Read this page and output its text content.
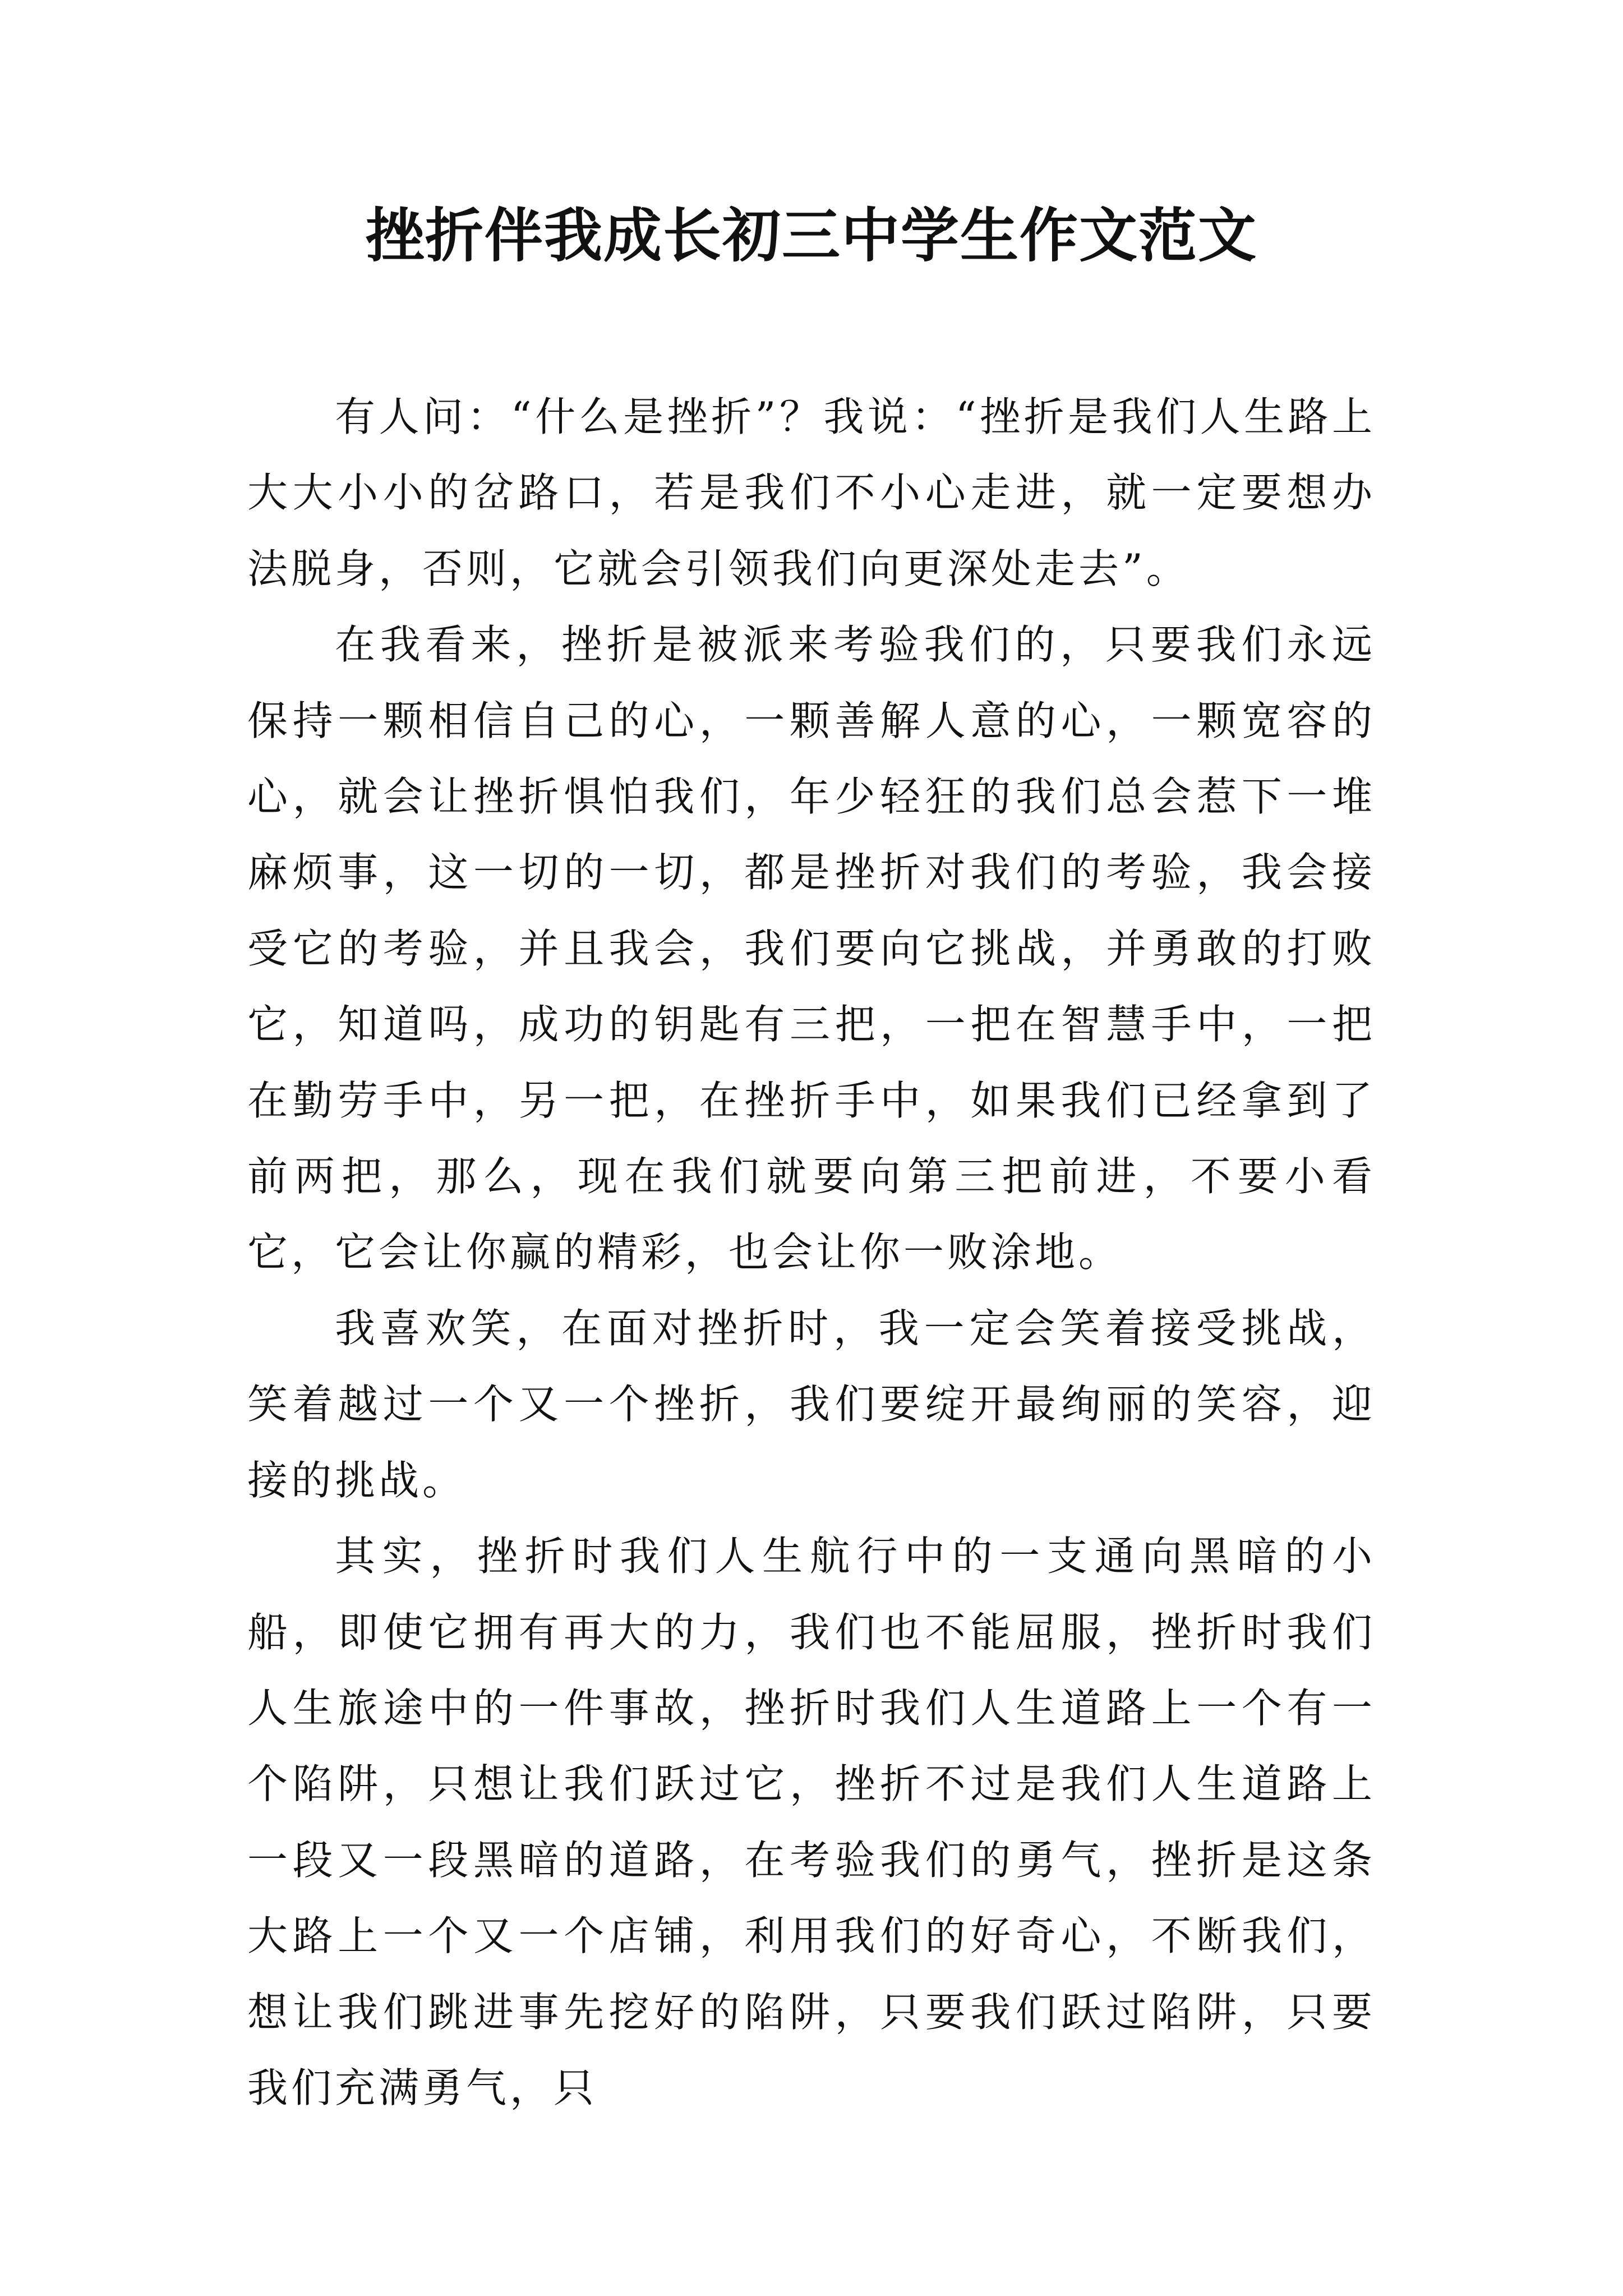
挫折伴我成长初三中学生作文范文

有人问：“什么是挫折”？我说：“挫折是我们人生路上大大小小的岔路口，若是我们不小心走进，就一定要想办法脱身，否则，它就会引领我们向更深处走去”。

在我看来，挫折是被派来考验我们的，只要我们永远保持一颗相信自己的心，一颗善解人意的心，一颗宽容的心，就会让挫折惧怕我们，年少轻狂的我们总会惹下一堆麻烦事，这一切的一切，都是挫折对我们的考验，我会接受它的考验，并且我会，我们要向它挑战，并勇敢的打败它，知道吗，成功的钥匙有三把，一把在智慧手中，一把在勤劳手中，另一把，在挫折手中，如果我们已经拿到了前两把，那么，现在我们就要向第三把前进，不要小看它，它会让你赢的精彩，也会让你一败涂地。

我喜欢笑，在面对挫折时，我一定会笑着接受挑战，笑着越过一个又一个挫折，我们要绽开最绚丽的笑容，迎接的挑战。

其实，挫折时我们人生航行中的一支通向黑暗的小船，即使它拥有再大的力，我们也不能屈服，挫折时我们人生旅途中的一件事故，挫折时我们人生道路上一个有一个陷阱，只想让我们跃过它，挫折不过是我们人生道路上一段又一段黑暗的道路，在考验我们的勇气，挫折是这条大路上一个又一个店铺，利用我们的好奇心，不断我们，想让我们跳进事先挖好的陷阱，只要我们跃过陷阱，只要我们充满勇气，只
